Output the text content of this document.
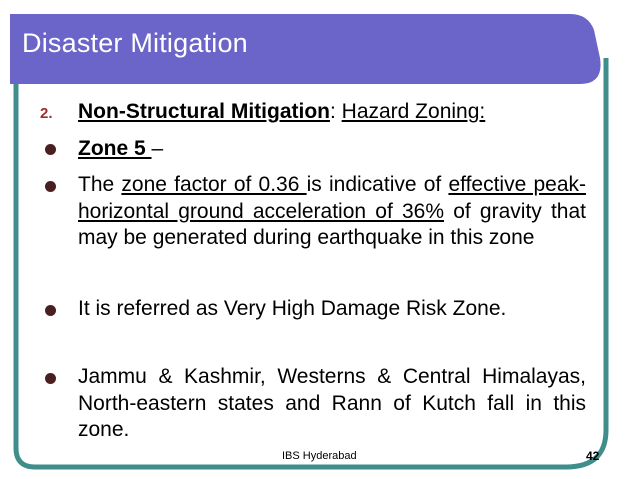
Disaster Mitigation
2. Non-Structural Mitigation: Hazard Zoning:
Zone 5 –
The zone factor of 0.36 is indicative of effective peak-horizontal ground acceleration of 36% of gravity that may be generated during earthquake in this zone
It is referred as Very High Damage Risk Zone.
Jammu & Kashmir, Westerns & Central Himalayas, North-eastern states and Rann of Kutch fall in this zone.
IBS Hyderabad	42
